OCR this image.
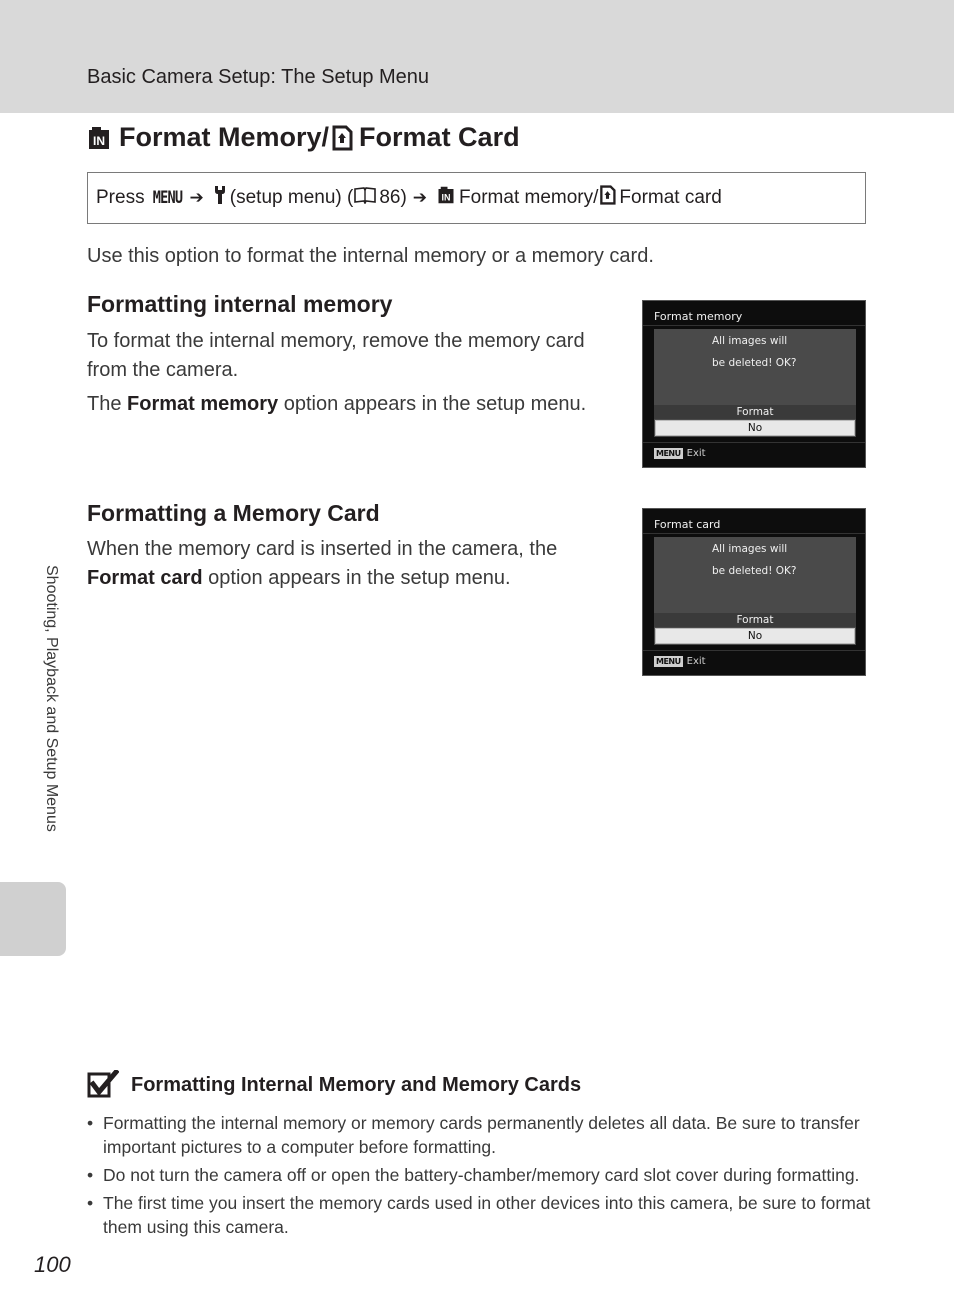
Basic Camera Setup: The Setup Menu
IN Format Memory/ Format Card
Press MENU ➔ (setup menu) ( 86) ➔ IN Format memory/ Format card

Use this option to format the internal memory or a memory card.

Formatting internal memory

To format the internal memory, remove the memory card from the camera.

The Format memory option appears in the setup menu.

Format memory
All images will
be deleted! OK?
Format
No
MENU Exit
Formatting a Memory Card

When the memory card is inserted in the camera, the Format card option appears in the setup menu.

Format card
All images will
be deleted! OK?
Format
No
MENU Exit
Shooting, Playback and Setup Menus
Formatting Internal Memory and Memory Cards
• Formatting the internal memory or memory cards permanently deletes all data. Be sure to transfer important pictures to a computer before formatting.
• Do not turn the camera off or open the battery-chamber/memory card slot cover during formatting.
• The first time you insert the memory cards used in other devices into this camera, be sure to format them using this camera.
100
